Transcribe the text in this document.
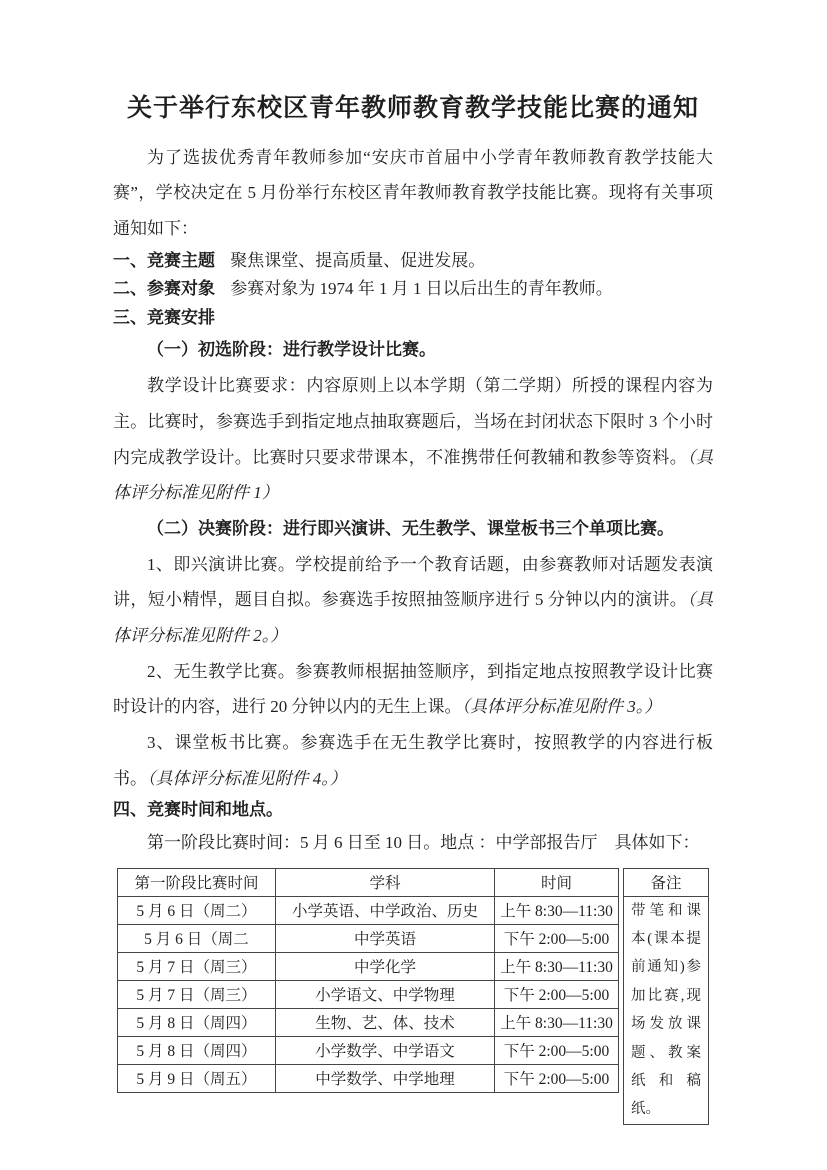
关于举行东校区青年教师教育教学技能比赛的通知

为了选拔优秀青年教师参加“安庆市首届中小学青年教师教育教学技能大赛”，学校决定在 5 月份举行东校区青年教师教育教学技能比赛。现将有关事项通知如下：

一、竞赛主题 聚焦课堂、提高质量、促进发展。
二、参赛对象 参赛对象为 1974 年 1 月 1 日以后出生的青年教师。
三、竞赛安排

（一）初选阶段：进行教学设计比赛。

教学设计比赛要求：内容原则上以本学期（第二学期）所授的课程内容为主。比赛时，参赛选手到指定地点抽取赛题后，当场在封闭状态下限时 3 个小时内完成教学设计。比赛时只要求带课本，不准携带任何教辅和教参等资料。（具体评分标准见附件 1）

（二）决赛阶段：进行即兴演讲、无生教学、课堂板书三个单项比赛。

1、即兴演讲比赛。学校提前给予一个教育话题，由参赛教师对话题发表演讲，短小精悍，题目自拟。参赛选手按照抽签顺序进行 5 分钟以内的演讲。（具体评分标准见附件 2。）

2、无生教学比赛。参赛教师根据抽签顺序，到指定地点按照教学设计比赛时设计的内容，进行 20 分钟以内的无生上课。（具体评分标准见附件 3。）

3、课堂板书比赛。参赛选手在无生教学比赛时，按照教学的内容进行板书。（具体评分标准见附件 4。）

四、竞赛时间和地点。

第一阶段比赛时间：5 月 6 日至 10 日。地点 ：中学部报告厅　具体如下：

第一阶段比赛时间	学科	时间
5 月 6 日（周二）	小学英语、中学政治、历史	上午 8:30—11:30
5 月 6 日（周二	中学英语	下午 2:00—5:00
5 月 7 日（周三）	中学化学	上午 8:30—11:30
5 月 7 日（周三）	小学语文、中学物理	下午 2:00—5:00
5 月 8 日（周四）	生物、艺、体、技术	上午 8:30—11:30
5 月 8 日（周四）	小学数学、中学语文	下午 2:00—5:00
5 月 9 日（周五）	中学数学、中学地理	下午 2:00—5:00
备注
带笔和课本(课本提前通知)参加比赛,现场发放课题、教案纸和稿纸。
